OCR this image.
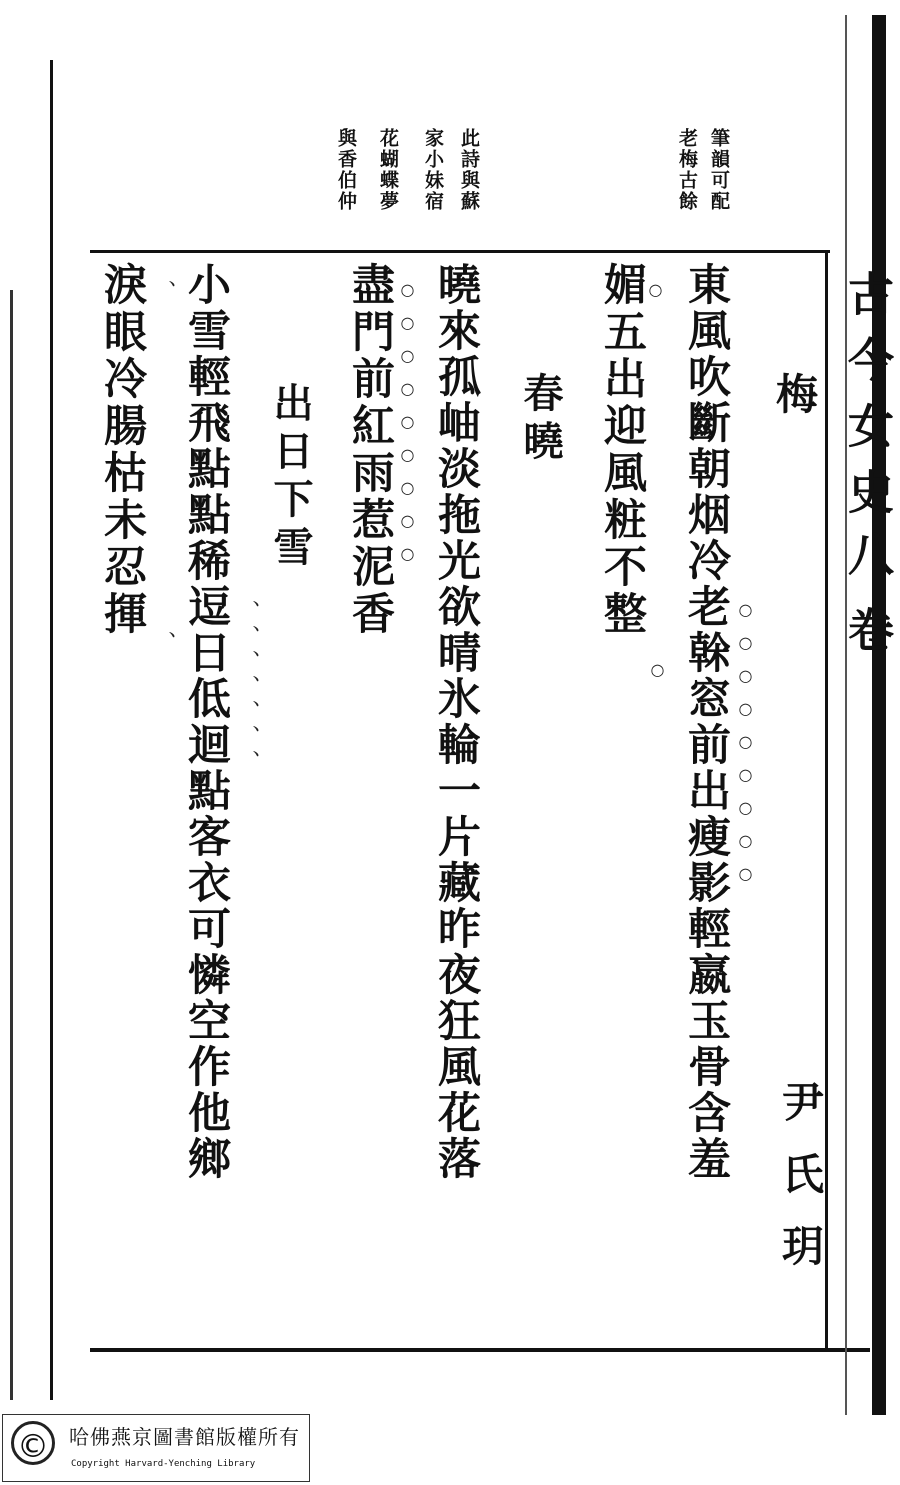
古今女史
八卷
尹氏玥
梅
筆韻可配
老梅古餘
東風吹斷朝烟冷老榦窓前出瘦影輕嬴玉骨含羞
媚五出迎風粧不整
○○○○○○○○○
○
○
春曉
此詩與蘇
家小妹宿
花蝴蝶夢
與香伯仲
曉來孤岫淡拖光欲晴氷輪一片藏昨夜狂風花落
盡門前紅雨惹泥香 ○○○○○○○○○
出日下雪
小雪輕飛點點稀逗日低迴點客衣可憐空作他鄉
淚眼冷腸枯未忍揮
、、、、、、、
、、
©	哈佛燕京圖書館版權所有
Copyright Harvard-Yenching Library
